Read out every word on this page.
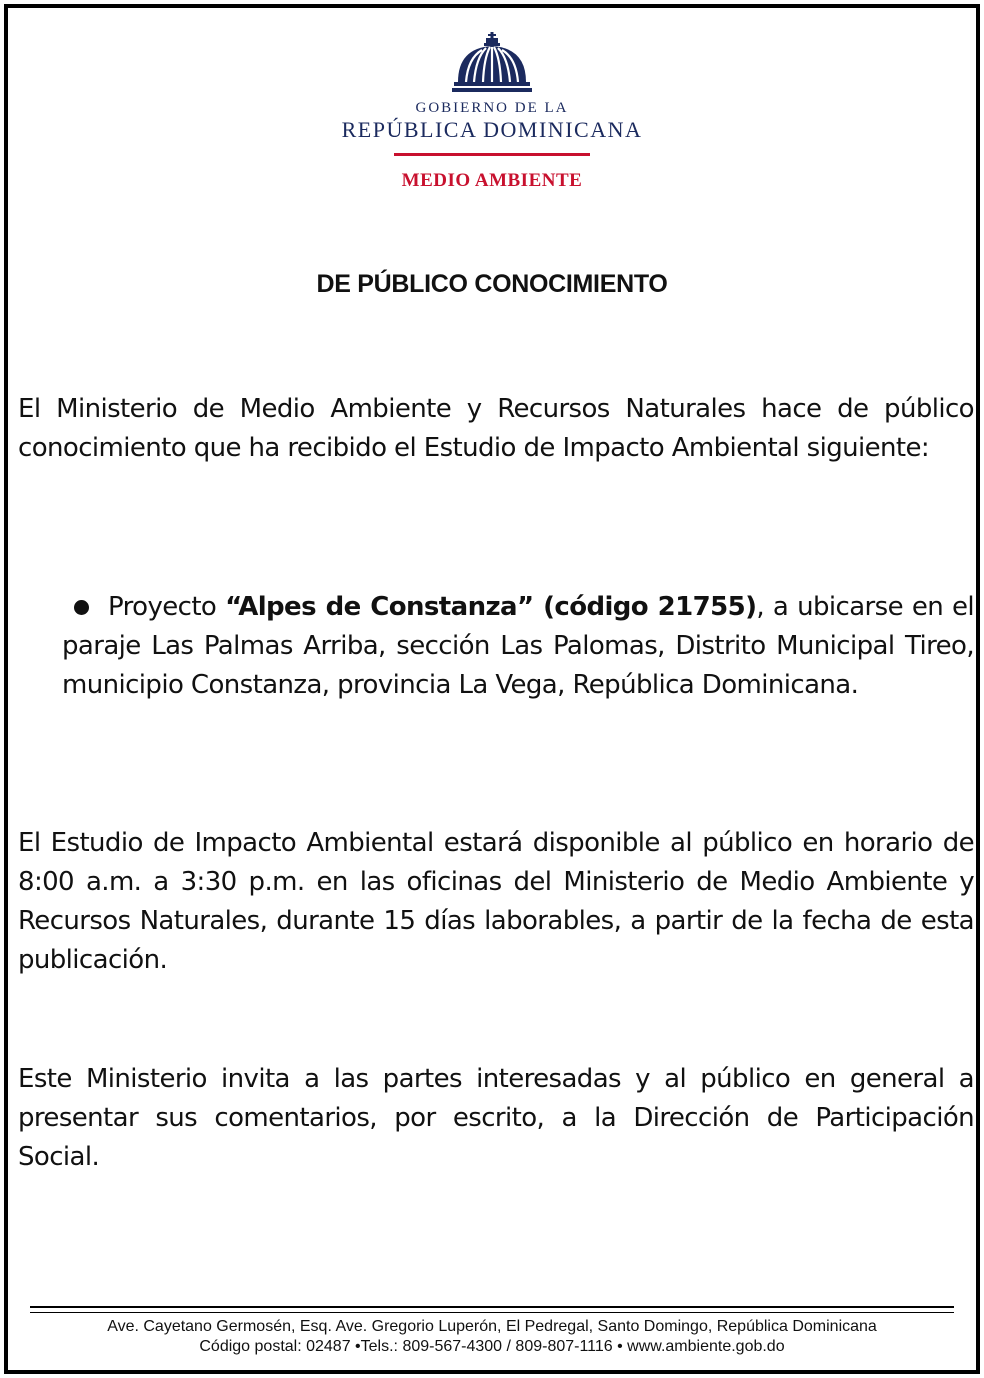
GOBIERNO DE LA
REPÚBLICA DOMINICANA
MEDIO AMBIENTE
DE PÚBLICO CONOCIMIENTO
El Ministerio de Medio Ambiente y Recursos Naturales hace de público conocimiento que ha recibido el Estudio de Impacto Ambiental siguiente:
Proyecto “Alpes de Constanza” (código 21755), a ubicarse en el paraje Las Palmas Arriba, sección Las Palomas, Distrito Municipal Tireo, municipio Constanza, provincia La Vega, República Dominicana.
El Estudio de Impacto Ambiental estará disponible al público en horario de 8:00 a.m. a 3:30 p.m. en las oficinas del Ministerio de Medio Ambiente y Recursos Naturales, durante 15 días laborables, a partir de la fecha de esta publicación.
Este Ministerio invita a las partes interesadas y al público en general a presentar sus comentarios, por escrito, a la Dirección de Participación Social.
Ave. Cayetano Germosén, Esq. Ave. Gregorio Luperón, El Pedregal, Santo Domingo, República Dominicana
Código postal: 02487 •Tels.: 809-567-4300 / 809-807-1116 • www.ambiente.gob.do
